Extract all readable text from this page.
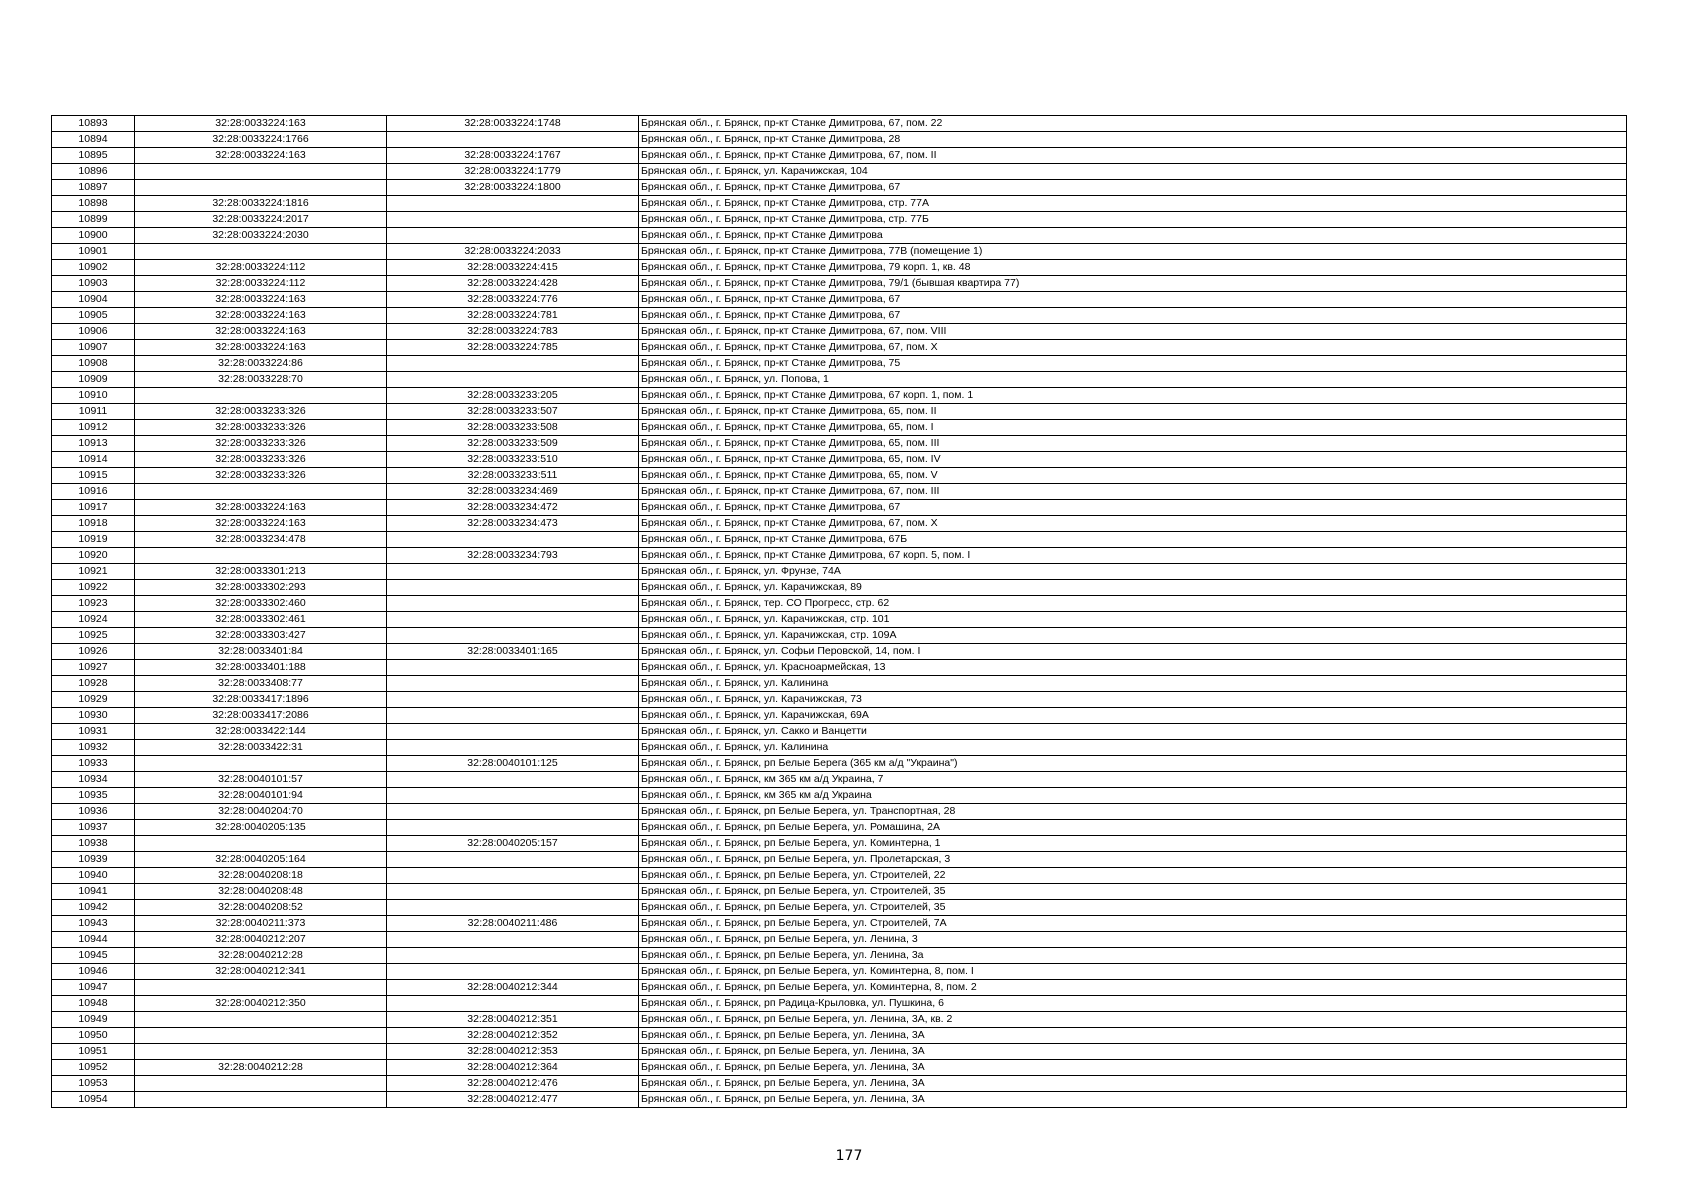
10893	32:28:0033224:163	32:28:0033224:1748	Брянская обл., г. Брянск, пр-кт Станке Димитрова, 67, пом. 22
10894	32:28:0033224:1766		Брянская обл., г. Брянск, пр-кт Станке Димитрова, 28
10895	32:28:0033224:163	32:28:0033224:1767	Брянская обл., г. Брянск, пр-кт Станке Димитрова, 67, пом. II
10896		32:28:0033224:1779	Брянская обл., г. Брянск, ул. Карачижская, 104
10897		32:28:0033224:1800	Брянская обл., г. Брянск, пр-кт Станке Димитрова, 67
10898	32:28:0033224:1816		Брянская обл., г. Брянск, пр-кт Станке Димитрова, стр. 77А
10899	32:28:0033224:2017		Брянская обл., г. Брянск, пр-кт Станке Димитрова, стр. 77Б
10900	32:28:0033224:2030		Брянская обл., г. Брянск, пр-кт Станке Димитрова
10901		32:28:0033224:2033	Брянская обл., г. Брянск, пр-кт Станке Димитрова, 77В (помещение 1)
10902	32:28:0033224:112	32:28:0033224:415	Брянская обл., г. Брянск, пр-кт Станке Димитрова, 79 корп. 1, кв. 48
10903	32:28:0033224:112	32:28:0033224:428	Брянская обл., г. Брянск, пр-кт Станке Димитрова, 79/1 (бывшая квартира 77)
10904	32:28:0033224:163	32:28:0033224:776	Брянская обл., г. Брянск, пр-кт Станке Димитрова, 67
10905	32:28:0033224:163	32:28:0033224:781	Брянская обл., г. Брянск, пр-кт Станке Димитрова, 67
10906	32:28:0033224:163	32:28:0033224:783	Брянская обл., г. Брянск, пр-кт Станке Димитрова, 67, пом. VIII
10907	32:28:0033224:163	32:28:0033224:785	Брянская обл., г. Брянск, пр-кт Станке Димитрова, 67, пом. X
10908	32:28:0033224:86		Брянская обл., г. Брянск, пр-кт Станке Димитрова, 75
10909	32:28:0033228:70		Брянская обл., г. Брянск, ул. Попова, 1
10910		32:28:0033233:205	Брянская обл., г. Брянск, пр-кт Станке Димитрова, 67 корп. 1, пом. 1
10911	32:28:0033233:326	32:28:0033233:507	Брянская обл., г. Брянск, пр-кт Станке Димитрова, 65, пом. II
10912	32:28:0033233:326	32:28:0033233:508	Брянская обл., г. Брянск, пр-кт Станке Димитрова, 65, пом. I
10913	32:28:0033233:326	32:28:0033233:509	Брянская обл., г. Брянск, пр-кт Станке Димитрова, 65, пом. III
10914	32:28:0033233:326	32:28:0033233:510	Брянская обл., г. Брянск, пр-кт Станке Димитрова, 65, пом. IV
10915	32:28:0033233:326	32:28:0033233:511	Брянская обл., г. Брянск, пр-кт Станке Димитрова, 65, пом. V
10916		32:28:0033234:469	Брянская обл., г. Брянск, пр-кт Станке Димитрова, 67, пом. III
10917	32:28:0033224:163	32:28:0033234:472	Брянская обл., г. Брянск, пр-кт Станке Димитрова, 67
10918	32:28:0033224:163	32:28:0033234:473	Брянская обл., г. Брянск, пр-кт Станке Димитрова, 67, пом. X
10919	32:28:0033234:478		Брянская обл., г. Брянск, пр-кт Станке Димитрова, 67Б
10920		32:28:0033234:793	Брянская обл., г. Брянск, пр-кт Станке Димитрова, 67 корп. 5, пом. I
10921	32:28:0033301:213		Брянская обл., г. Брянск, ул. Фрунзе, 74А
10922	32:28:0033302:293		Брянская обл., г. Брянск, ул. Карачижская, 89
10923	32:28:0033302:460		Брянская обл., г. Брянск, тер. СО Прогресс, стр. 62
10924	32:28:0033302:461		Брянская обл., г. Брянск, ул. Карачижская, стр. 101
10925	32:28:0033303:427		Брянская обл., г. Брянск, ул. Карачижская, стр. 109А
10926	32:28:0033401:84	32:28:0033401:165	Брянская обл., г. Брянск, ул. Софьи Перовской, 14, пом. I
10927	32:28:0033401:188		Брянская обл., г. Брянск, ул. Красноармейская, 13
10928	32:28:0033408:77		Брянская обл., г. Брянск, ул. Калинина
10929	32:28:0033417:1896		Брянская обл., г. Брянск, ул. Карачижская, 73
10930	32:28:0033417:2086		Брянская обл., г. Брянск, ул. Карачижская, 69А
10931	32:28:0033422:144		Брянская обл., г. Брянск, ул. Сакко и Ванцетти
10932	32:28:0033422:31		Брянская обл., г. Брянск, ул. Калинина
10933		32:28:0040101:125	Брянская обл., г. Брянск, рп Белые Берега (365 км а/д "Украина")
10934	32:28:0040101:57		Брянская обл., г. Брянск, км 365 км а/д Украина, 7
10935	32:28:0040101:94		Брянская обл., г. Брянск, км 365 км а/д Украина
10936	32:28:0040204:70		Брянская обл., г. Брянск, рп Белые Берега, ул. Транспортная, 28
10937	32:28:0040205:135		Брянская обл., г. Брянск, рп Белые Берега, ул. Ромашина, 2А
10938		32:28:0040205:157	Брянская обл., г. Брянск, рп Белые Берега, ул. Коминтерна, 1
10939	32:28:0040205:164		Брянская обл., г. Брянск, рп Белые Берега, ул. Пролетарская, 3
10940	32:28:0040208:18		Брянская обл., г. Брянск, рп Белые Берега, ул. Строителей, 22
10941	32:28:0040208:48		Брянская обл., г. Брянск, рп Белые Берега, ул. Строителей, 35
10942	32:28:0040208:52		Брянская обл., г. Брянск, рп Белые Берега, ул. Строителей, 35
10943	32:28:0040211:373	32:28:0040211:486	Брянская обл., г. Брянск, рп Белые Берега, ул. Строителей, 7А
10944	32:28:0040212:207		Брянская обл., г. Брянск, рп Белые Берега, ул. Ленина, 3
10945	32:28:0040212:28		Брянская обл., г. Брянск, рп Белые Берега, ул. Ленина, 3а
10946	32:28:0040212:341		Брянская обл., г. Брянск, рп Белые Берега, ул. Коминтерна, 8, пом. I
10947		32:28:0040212:344	Брянская обл., г. Брянск, рп Белые Берега, ул. Коминтерна, 8, пом. 2
10948	32:28:0040212:350		Брянская обл., г. Брянск, рп Радица-Крыловка, ул. Пушкина, 6
10949		32:28:0040212:351	Брянская обл., г. Брянск, рп Белые Берега, ул. Ленина, 3А, кв. 2
10950		32:28:0040212:352	Брянская обл., г. Брянск, рп Белые Берега, ул. Ленина, 3А
10951		32:28:0040212:353	Брянская обл., г. Брянск, рп Белые Берега, ул. Ленина, 3А
10952	32:28:0040212:28	32:28:0040212:364	Брянская обл., г. Брянск, рп Белые Берега, ул. Ленина, 3А
10953		32:28:0040212:476	Брянская обл., г. Брянск, рп Белые Берега, ул. Ленина, 3А
10954		32:28:0040212:477	Брянская обл., г. Брянск, рп Белые Берега, ул. Ленина, 3А
177
